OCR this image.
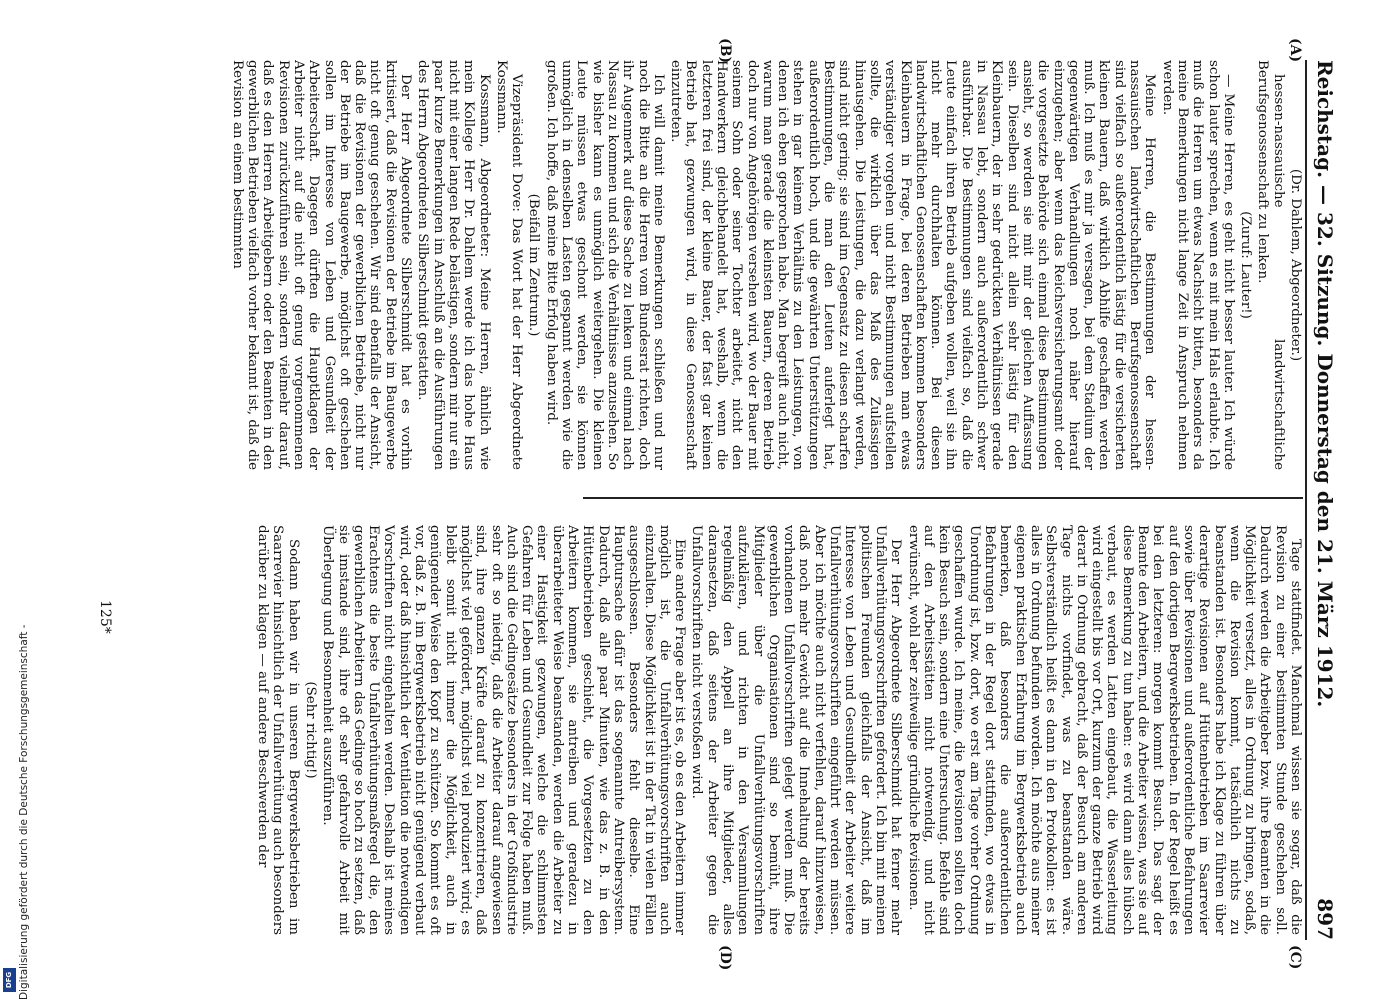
Reichstag. — 32. Sitzung. Donnerstag den 21. März 1912.
897

(Dr. Dahlem, Abgeordneter.)

hessen-nassauische landwirtschaftliche Berufsgenossenschaft zu lenken.

(Zuruf: Lauter!)

— Meine Herren, es geht nicht besser lauter. Ich würde schon lauter sprechen, wenn es mit mein Hals erlaubte. Ich muß die Herren um etwas Nachsicht bitten, besonders da meine Bemerkungen nicht lange Zeit in Anspruch nehmen werden.

Meine Herren, die Bestimmungen der hessen-nassauischen landwirtschaftlichen Berufsgenossenschaft sind vielfach so außerordentlich lästig für die versicherten kleinen Bauern, daß wirklich Abhilfe geschaffen werden muß. Ich muß es mir ja versagen, bei dem Stadium der gegenwärtigen Verhandlungen noch näher hierauf einzugehen; aber wenn das Reichsversicherungsamt oder die vorgesetzte Behörde sich einmal diese Bestimmungen ansieht, so werden sie mit mir der gleichen Auffassung sein. Dieselben sind nicht allein sehr lästig für den Kleinbauern, der in sehr gedrückten Verhältnissen gerade in Nassau lebt, sondern auch außerordentlich schwer ausführbar. Die Bestimmungen sind vielfach so, daß die Leute einfach ihren Betrieb aufgeben wollen, weil sie ihn nicht mehr durchhalten können. Bei diesen landwirtschaftlichen Genossenschaften kommen besonders Kleinbauern in Frage, bei deren Betrieben man etwas verständiger vorgehen und nicht Bestimmungen aufstellen sollte, die wirklich über das Maß des Zulässigen hinausgehen. Die Leistungen, die dazu verlangt werden, sind nicht gering; sie sind im Gegensatz zu diesen scharfen Bestimmungen, die man den Leuten auferlegt hat, außerordentlich hoch, und die gewährten Unterstützungen stehen in gar keinem Verhältnis zu den Leistungen, von denen ich eben gesprochen habe. Man begreift auch nicht, warum man gerade die kleinsten Bauern, deren Betrieb doch nur von Angehörigen versehen wird, wo der Bauer mit seinem Sohn oder seiner Tochter arbeitet, nicht den Handwerkern gleichbehandelt hat, weshalb, wenn die letzteren frei sind, der kleine Bauer, der fast gar keinen Betrieb hat, gezwungen wird, in diese Genossenschaft einzutreten.

Ich will damit meine Bemerkungen schließen und nur noch die Bitte an die Herren vom Bundesrat richten, doch ihr Augenmerk auf diese Sache zu lenken und einmal nach Nassau zu kommen und sich die Verhältnisse anzusehen. So wie bisher kann es unmöglich weitergehen. Die kleinen Leute müssen etwas geschont werden, sie können unmöglich in denselben Lasten gespannt werden wie die großen. Ich hoffe, daß meine Bitte Erfolg haben wird.

(Beifall im Zentrum.)

Vizepräsident Dove: Das Wort hat der Herr Abgeordnete Kossmann.

Kossmann, Abgeordneter: Meine Herren, ähnlich wie mein Kollege Herr Dr. Dahlem werde ich das hohe Haus nicht mit einer langen Rede belästigen, sondern mir nur ein paar kurze Bemerkungen im Anschluß an die Ausführungen des Herrn Abgeordneten Silberschmidt gestatten.

Der Herr Abgeordnete Silberschmidt hat es vorhin kritisiert, daß die Revisionen der Betriebe im Baugewerbe nicht oft genug geschehen. Wir sind ebenfalls der Ansicht, daß die Revisionen der gewerblichen Betriebe, nicht nur der Betriebe im Baugewerbe, möglichst oft geschehen sollen im Interesse von Leben und Gesundheit der Arbeiterschaft. Dagegen dürften die Hauptklagen der Arbeiter nicht auf die nicht oft genug vorgenommenen Revisionen zurückzuführen sein, sondern vielmehr darauf, daß es den Herren Arbeitgebern oder den Beamten in den gewerblichen Betrieben vielfach vorher bekannt ist, daß die Revision an einem bestimmten

Tage stattfindet. Manchmal wissen sie sogar, daß die Revision zu einer bestimmten Stunde geschehen soll. Dadurch werden die Arbeitgeber bzw. ihre Beamten in die Möglichkeit versetzt, alles in Ordnung zu bringen, sodaß, wenn die Revision kommt, tatsächlich nichts zu beanstanden ist. Besonders habe ich Klage zu führen über derartige Revisionen auf Hüttenbetrieben im Saarrevier sowie über Revisionen und außerordentliche Befahrungen auf den dortigen Bergwerksbetrieben. In der Regel heißt es bei den letzteren: morgen kommt Besuch. Das sagt der Beamte den Arbeitern, und die Arbeiter wissen, was sie auf diese Bemerkung zu tun haben: es wird dann alles hübsch verbaut, es werden Latten eingebaut, die Wasserleitung wird eingestellt bis vor Ort, kurzum der ganze Betrieb wird derart in Ordnung gebracht, daß der Besuch am anderen Tage nichts vorfindet, was zu beanstanden wäre. Selbstverständlich heißt es dann in den Protokollen: es ist alles in Ordnung befunden worden. Ich möchte aus meiner eigenen praktischen Erfahrung im Bergwerksbetrieb auch bemerken, daß besonders die außerordentlichen Befahrungen in der Regel dort stattfinden, wo etwas in Unordnung ist, bzw. dort, wo erst am Tage vorher Ordnung geschaffen wurde. Ich meine, die Revisionen sollten doch kein Besuch sein, sondern eine Untersuchung. Befehle sind auf den Arbeitsstätten nicht notwendig, und nicht erwünscht, wohl aber zeitweilige gründliche Revisionen.

Der Herr Abgeordnete Silberschmidt hat ferner mehr Unfallverhütungsvorschriften gefordert. Ich bin mit meinen politischen Freunden gleichfalls der Ansicht, daß im Interesse von Leben und Gesundheit der Arbeiter weitere Unfallverhütungsvorschriften eingeführt werden müssen. Aber ich möchte auch nicht verfehlen, darauf hinzuweisen, daß noch mehr Gewicht auf die Innehaltung der bereits vorhandenen Unfallvorschriften gelegt werden muß. Die gewerblichen Organisationen sind so bemüht, ihre Mitglieder über die Unfallverhütungsvorschriften aufzuklären, und richten in den Versammlungen regelmäßig den Appell an ihre Mitglieder, alles daransetzen, daß seitens der Arbeiter gegen die Unfallvorschriften nicht verstoßen wird.

Eine andere Frage aber ist es, ob es den Arbeitern immer möglich ist, die Unfallverhütungsvorschriften auch einzuhalten. Diese Möglichkeit ist in der Tat in vielen Fällen ausgeschlossen. Besonders fehlt dieselbe. Eine Hauptursache dafür ist das sogenannte Antreibersystem. Dadurch, daß alle paar Minuten, wie das z. B. in den Hüttenbetrieben geschieht, die Vorgesetzten zu den Arbeitern kommen, sie antreiben und geradezu in überarbeiteter Weise beanstanden, werden die Arbeiter zu einer Hastigkeit gezwungen, welche die schlimmsten Gefahren für Leben und Gesundheit zur Folge haben muß. Auch sind die Gedingesätze besonders in der Großindustrie sehr oft so niedrig, daß die Arbeiter darauf angewiesen sind, ihre ganzen Kräfte darauf zu konzentrieren, daß möglichst viel gefördert, möglichst viel produziert wird; es bleibt somit nicht immer die Möglichkeit, auch in genügender Weise den Kopf zu schützen. So kommt es oft vor, daß z. B. im Bergwerksbetrieb nicht genügend verbaut wird, oder daß hinsichtlich der Ventilation die notwendigen Vorschriften nicht eingehalten werden. Deshalb ist meines Erachtens die beste Unfallverhütungsmaßregel die, den gewerblichen Arbeitern das Gedinge so hoch zu setzen, daß sie imstande sind, ihre oft sehr gefahrvolle Arbeit mit Überlegung und Besonnenheit auszuführen.

(Sehr richtig!)

Sodann haben wir in unseren Bergwerksbetrieben im Saarrevier hinsichtlich der Unfallverhütung auch besonders darüber zu klagen — auf andere Beschwerden der

(A)
(B)
(C)
(D)
125*
Digitalisierung gefördert durch die Deutsche Forschungsgemeinschaft -
DFG
